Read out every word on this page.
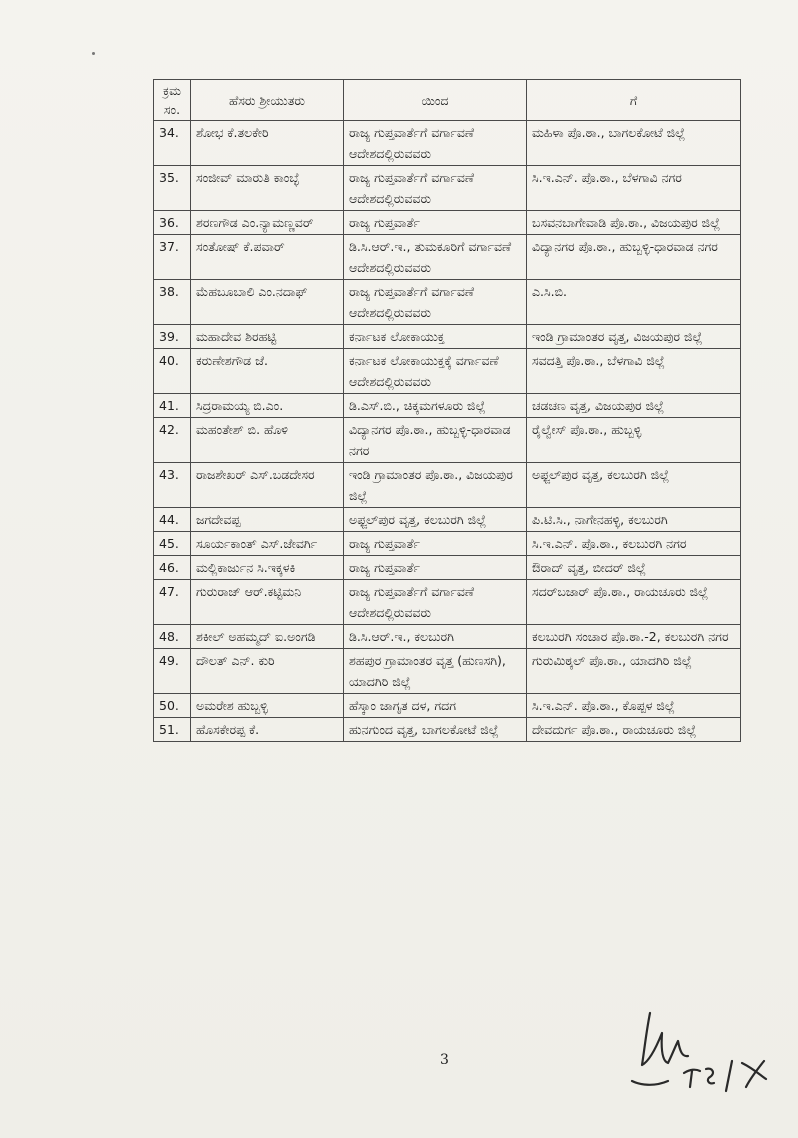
ಕ್ರಮ ಸಂ.	ಹೆಸರು ಶ್ರೀಯುತರು	ಯಿಂದ	ಗೆ
34.	ಶೋಭ ಕೆ.ತಲಕೇರಿ	ರಾಜ್ಯ ಗುಪ್ತವಾರ್ತೆಗೆ ವರ್ಗಾವಣೆ ಆದೇಶದಲ್ಲಿರುವವರು	ಮಹಿಳಾ ಪೊ.ಠಾ., ಬಾಗಲಕೋಟೆ ಜಿಲ್ಲೆ
35.	ಸಂಜೀವ್ ಮಾರುತಿ ಕಾಂಬ್ಳೆ	ರಾಜ್ಯ ಗುಪ್ತವಾರ್ತೆಗೆ ವರ್ಗಾವಣೆ ಆದೇಶದಲ್ಲಿರುವವರು	ಸಿ.ಇ.ಎನ್. ಪೊ.ಠಾ., ಬೆಳಗಾವಿ ನಗರ
36.	ಶರಣಗೌಡ ಎಂ.ನ್ಯಾಮಣ್ಣವರ್	ರಾಜ್ಯ ಗುಪ್ತವಾರ್ತೆ	ಬಸವನಬಾಗೇವಾಡಿ ಪೊ.ಠಾ., ವಿಜಯಪುರ ಜಿಲ್ಲೆ
37.	ಸಂತೋಷ್ ಕೆ.ಪವಾರ್	ಡಿ.ಸಿ.ಆರ್.ಇ., ತುಮಕೂರಿಗೆ ವರ್ಗಾವಣೆ ಆದೇಶದಲ್ಲಿರುವವರು	ವಿದ್ಯಾನಗರ ಪೊ.ಠಾ., ಹುಬ್ಬಳ್ಳಿ-ಧಾರವಾಡ ನಗರ
38.	ಮೆಹಬೂಬಾಲಿ ಎಂ.ನದಾಫ್	ರಾಜ್ಯ ಗುಪ್ತವಾರ್ತೆಗೆ ವರ್ಗಾವಣೆ ಆದೇಶದಲ್ಲಿರುವವರು	ಎ.ಸಿ.ಬಿ.
39.	ಮಹಾದೇವ ಶಿರಹಟ್ಟಿ	ಕರ್ನಾಟಕ ಲೋಕಾಯುಕ್ತ	ಇಂಡಿ ಗ್ರಾಮಾಂತರ ವೃತ್ತ, ವಿಜಯಪುರ ಜಿಲ್ಲೆ
40.	ಕರುಣೇಶಗೌಡ ಜೆ.	ಕರ್ನಾಟಕ ಲೋಕಾಯುಕ್ತಕ್ಕೆ ವರ್ಗಾವಣೆ ಆದೇಶದಲ್ಲಿರುವವರು	ಸವದತ್ತಿ ಪೊ.ಠಾ., ಬೆಳಗಾವಿ ಜಿಲ್ಲೆ
41.	ಸಿದ್ರರಾಮಯ್ಯ ಬಿ.ಎಂ.	ಡಿ.ಎಸ್.ಬಿ., ಚಿಕ್ಕಮಗಳೂರು ಜಿಲ್ಲೆ	ಚಡಚಣ ವೃತ್ತ, ವಿಜಯಪುರ ಜಿಲ್ಲೆ
42.	ಮಹಂತೇಶ್ ಬಿ. ಹೊಳಿ	ವಿದ್ಯಾನಗರ ಪೊ.ಠಾ., ಹುಬ್ಬಳ್ಳಿ-ಧಾರವಾಡ ನಗರ	ರೈಲ್ವೇಸ್ ಪೊ.ಠಾ., ಹುಬ್ಬಳ್ಳಿ
43.	ರಾಜಶೇಖರ್ ಎಸ್.ಬಡದೇಸರ	ಇಂಡಿ ಗ್ರಾಮಾಂತರ ಪೊ.ಠಾ., ವಿಜಯಪುರ ಜಿಲ್ಲೆ	ಅಫ್ಜಲ್‌ಪುರ ವೃತ್ತ, ಕಲಬುರಗಿ ಜಿಲ್ಲೆ
44.	ಜಗದೇವಪ್ಪ	ಅಫ್ಜಲ್‌ಪುರ ವೃತ್ತ, ಕಲಬುರಗಿ ಜಿಲ್ಲೆ	ಪಿ.ಟಿ.ಸಿ., ನಾಗೇನಹಳ್ಳಿ, ಕಲಬುರಗಿ
45.	ಸೂರ್ಯಕಾಂತ್ ಎಸ್.ಜೇವರ್ಗಿ	ರಾಜ್ಯ ಗುಪ್ತವಾರ್ತೆ	ಸಿ.ಇ.ಎನ್. ಪೊ.ಠಾ., ಕಲಬುರಗಿ ನಗರ
46.	ಮಲ್ಲಿಕಾರ್ಜುನ ಸಿ.ಇಕ್ಕಳಕಿ	ರಾಜ್ಯ ಗುಪ್ತವಾರ್ತೆ	ಔರಾದ್ ವೃತ್ತ, ಬೀದರ್ ಜಿಲ್ಲೆ
47.	ಗುರುರಾಜ್ ಆರ್.ಕಟ್ಟಿಮನಿ	ರಾಜ್ಯ ಗುಪ್ತವಾರ್ತೆಗೆ ವರ್ಗಾವಣೆ ಆದೇಶದಲ್ಲಿರುವವರು	ಸದರ್‌ಬಜಾರ್ ಪೊ.ಠಾ., ರಾಯಚೂರು ಜಿಲ್ಲೆ
48.	ಶಕೀಲ್ ಅಹಮ್ಮದ್ ಐ.ಅಂಗಡಿ	ಡಿ.ಸಿ.ಆರ್.ಇ., ಕಲಬುರಗಿ	ಕಲಬುರಗಿ ಸಂಚಾರ ಪೊ.ಠಾ.-2, ಕಲಬುರಗಿ ನಗರ
49.	ದೌಲತ್ ಎನ್. ಕುರಿ	ಶಹಪುರ ಗ್ರಾಮಾಂತರ ವೃತ್ತ (ಹುಣಸಗಿ), ಯಾದಗಿರಿ ಜಿಲ್ಲೆ	ಗುರುಮಿಠ್ಕಲ್ ಪೊ.ಠಾ., ಯಾದಗಿರಿ ಜಿಲ್ಲೆ
50.	ಅಮರೇಶ ಹುಬ್ಬಳ್ಳಿ	ಹೆಸ್ಕಾಂ ಜಾಗೃತ ದಳ, ಗದಗ	ಸಿ.ಇ.ಎನ್. ಪೊ.ಠಾ., ಕೊಪ್ಪಳ ಜಿಲ್ಲೆ
51.	ಹೊಸಕೇರಪ್ಪ ಕೆ.	ಹುನಗುಂದ ವೃತ್ತ, ಬಾಗಲಕೋಟೆ ಜಿಲ್ಲೆ	ದೇವದುರ್ಗ ಪೊ.ಠಾ., ರಾಯಚೂರು ಜಿಲ್ಲೆ
3
